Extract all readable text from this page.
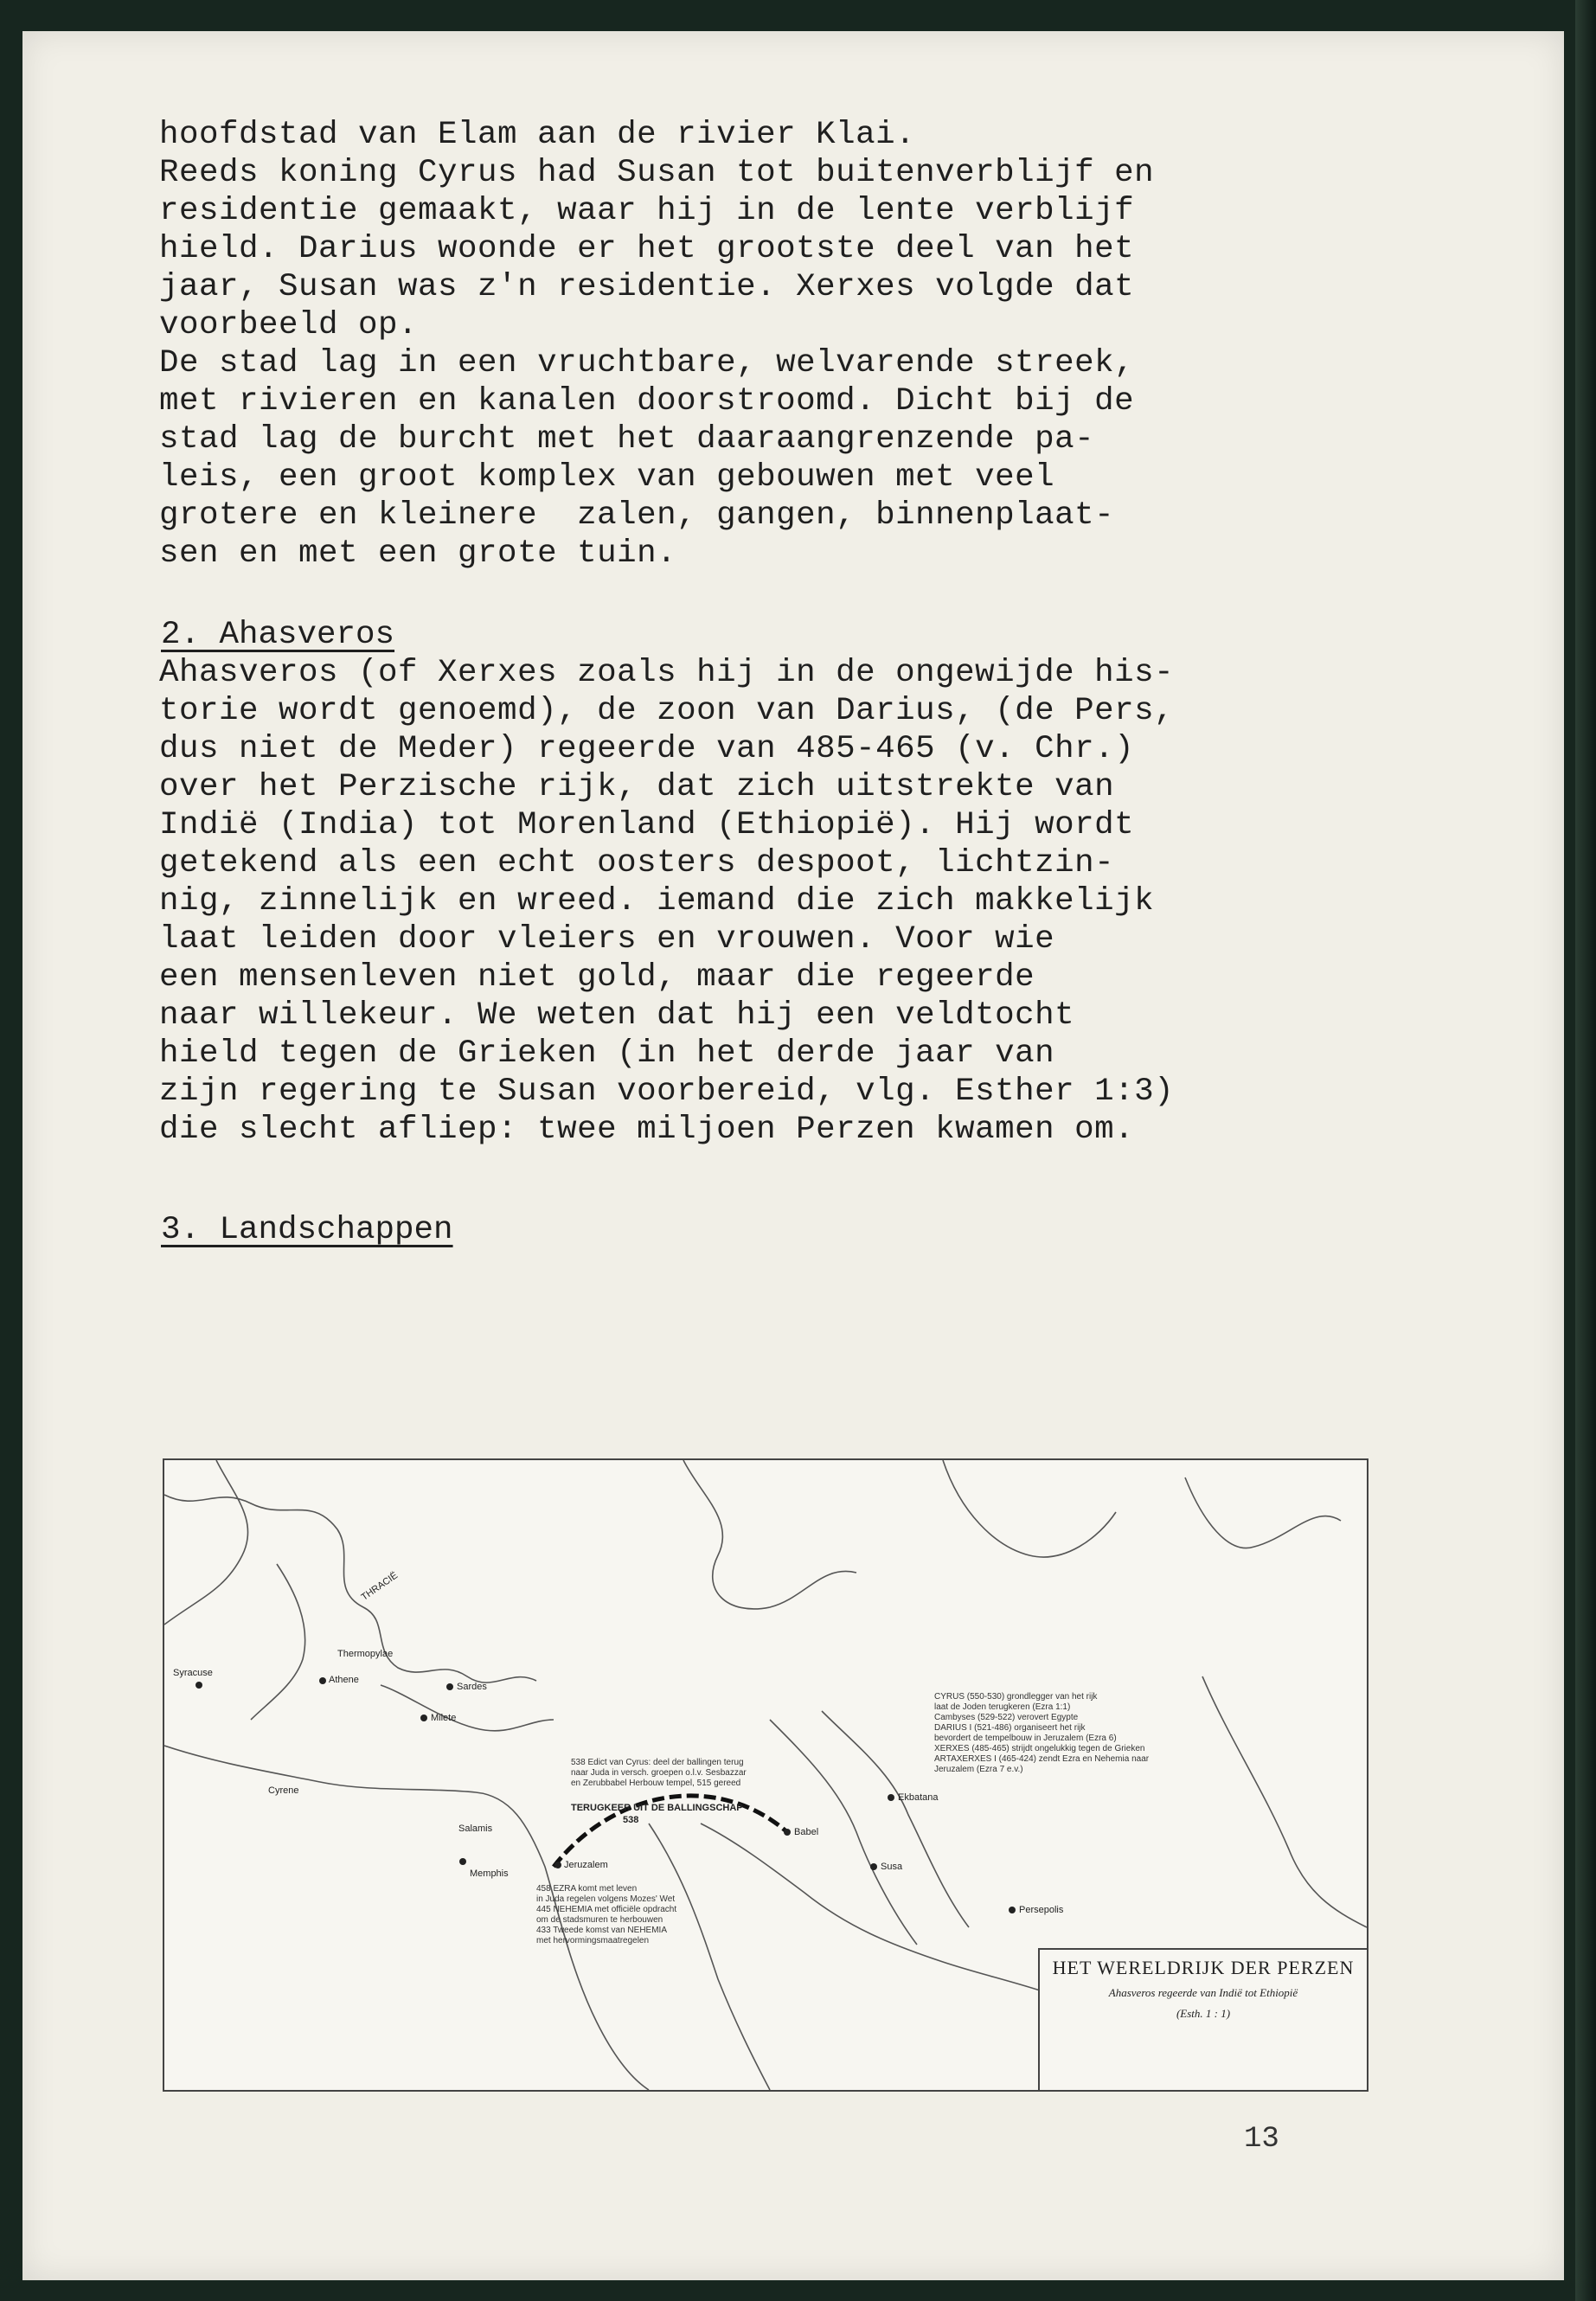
hoofdstad van Elam aan de rivier Klai.
Reeds koning Cyrus had Susan tot buitenverblijf en
residentie gemaakt, waar hij in de lente verblijf
hield. Darius woonde er het grootste deel van het
jaar, Susan was z'n residentie. Xerxes volgde dat
voorbeeld op.
De stad lag in een vruchtbare, welvarende streek,
met rivieren en kanalen doorstroomd. Dicht bij de
stad lag de burcht met het daaraangrenzende pa-
leis, een groot komplex van gebouwen met veel
grotere en kleinere  zalen, gangen, binnenplaat-
sen en met een grote tuin.
2. Ahasveros
Ahasveros (of Xerxes zoals hij in de ongewijde his-
torie wordt genoemd), de zoon van Darius, (de Pers,
dus niet de Meder) regeerde van 485-465 (v. Chr.)
over het Perzische rijk, dat zich uitstrekte van
Indië (India) tot Morenland (Ethiopië). Hij wordt
getekend als een echt oosters despoot, lichtzin-
nig, zinnelijk en wreed. iemand die zich makkelijk
laat leiden door vleiers en vrouwen. Voor wie
een mensenleven niet gold, maar die regeerde
naar willekeur. We weten dat hij een veldtocht
hield tegen de Grieken (in het derde jaar van
zijn regering te Susan voorbereid, vlg. Esther 1:3)
die slecht afliep: twee miljoen Perzen kwamen om.
3. Landschappen
THRACIË
Syracuse
Athene
Thermopylae
Sardes
Milete
Cyrene
Salamis
Memphis
Jeruzalem
Babel
Susa
Ekbatana
Persepolis
TERUGKEER UIT DE BALLINGSCHAP
538
538 Edict van Cyrus: deel der ballingen terug
naar Juda in versch. groepen o.l.v. Sesbazzar
en Zerubbabel Herbouw tempel, 515 gereed
458 EZRA komt met leven
in Juda regelen volgens Mozes' Wet
445 NEHEMIA met officiële opdracht
om de stadsmuren te herbouwen
433 Tweede komst van NEHEMIA
met hervormingsmaatregelen
CYRUS (550-530) grondlegger van het rijk
laat de Joden terugkeren (Ezra 1:1)
Cambyses (529-522) verovert Egypte
DARIUS I (521-486) organiseert het rijk
bevordert de tempelbouw in Jeruzalem (Ezra 6)
XERXES (485-465) strijdt ongelukkig tegen de Grieken
ARTAXERXES I (465-424) zendt Ezra en Nehemia naar
Jeruzalem (Ezra 7 e.v.)
HET WERELDRIJK DER PERZEN
Ahasveros regeerde van Indië tot Ethiopië
(Esth. 1 : 1)
13
